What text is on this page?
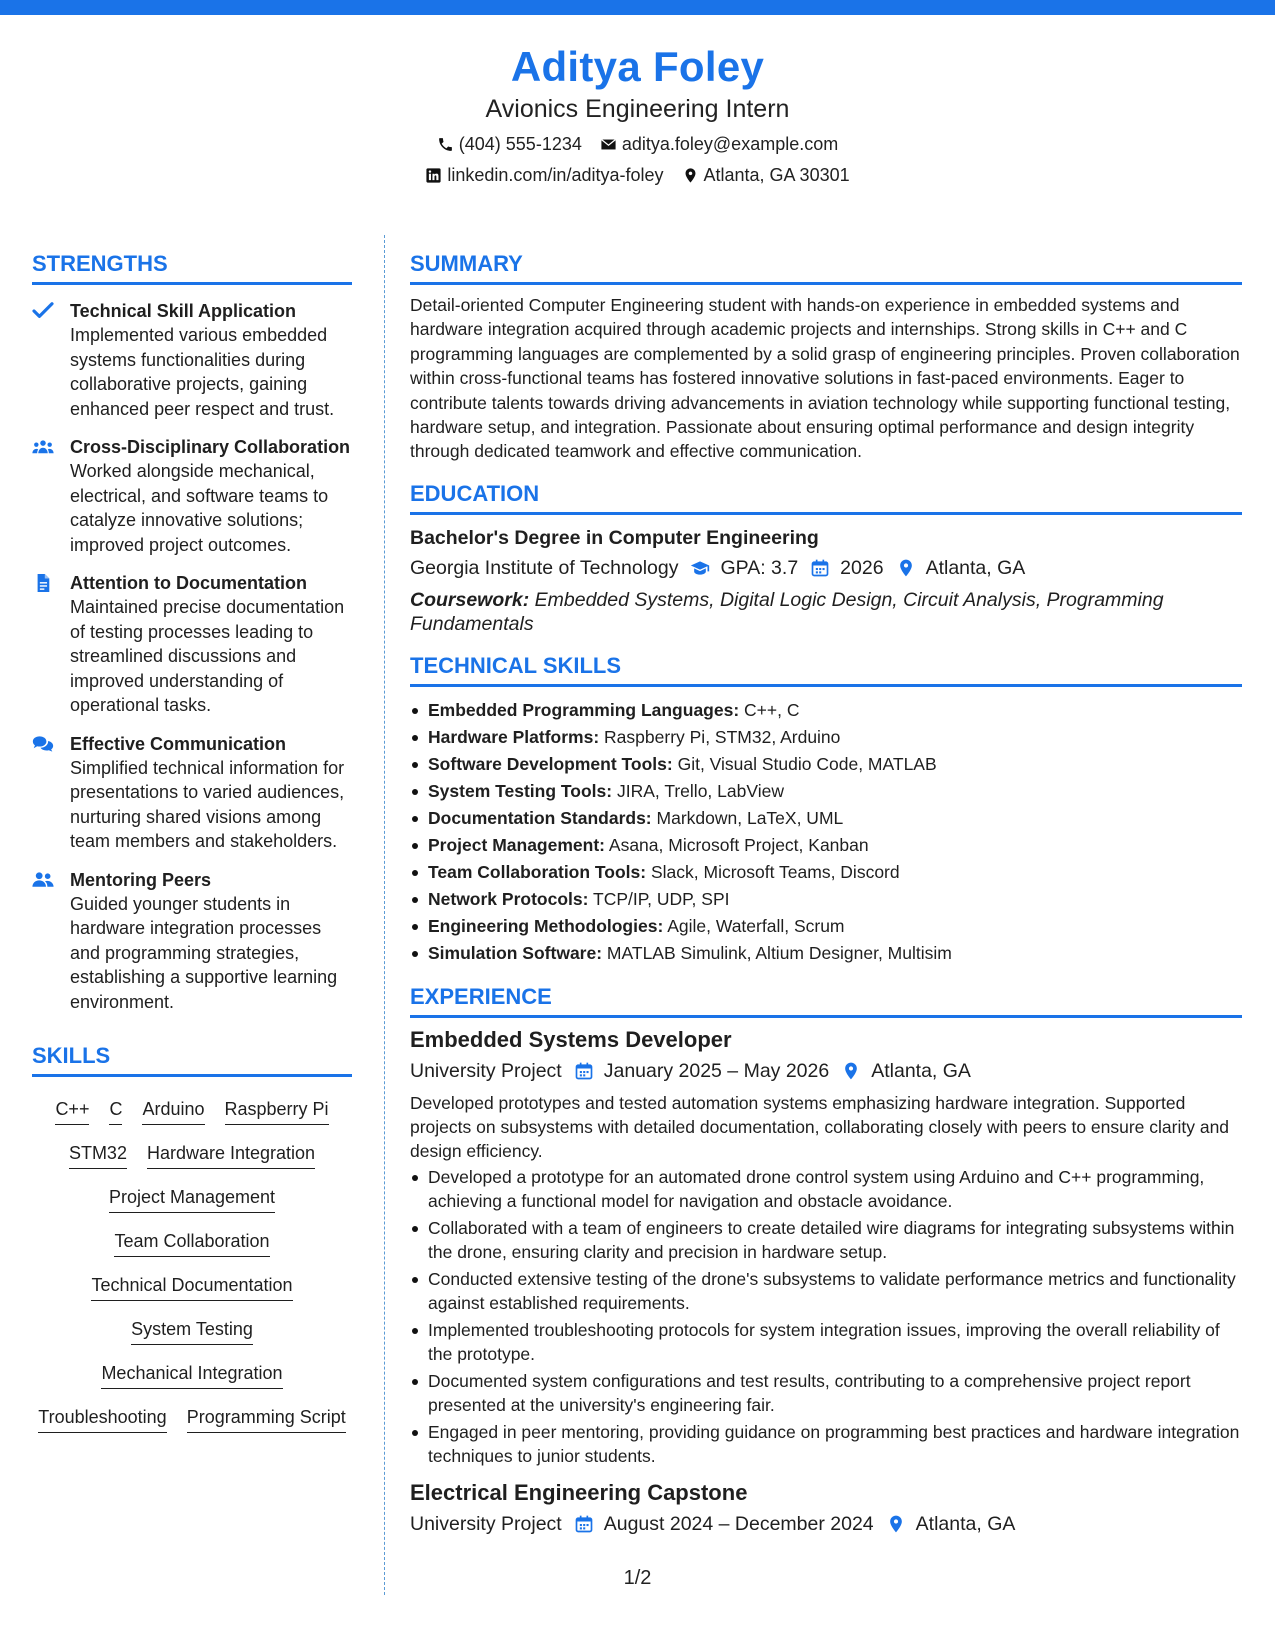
Aditya Foley
Avionics Engineering Intern
(404) 555-1234 aditya.foley@example.com
linkedin.com/in/aditya-foley Atlanta, GA 30301
STRENGTHS
Technical Skill Application
Implemented various embedded systems functionalities during collaborative projects, gaining enhanced peer respect and trust.
Cross-Disciplinary Collaboration
Worked alongside mechanical, electrical, and software teams to catalyze innovative solutions; improved project outcomes.
Attention to Documentation
Maintained precise documentation of testing processes leading to streamlined discussions and improved understanding of operational tasks.
Effective Communication
Simplified technical information for presentations to varied audiences, nurturing shared visions among team members and stakeholders.
Mentoring Peers
Guided younger students in hardware integration processes and programming strategies, establishing a supportive learning environment.
SKILLS
C++ C Arduino Raspberry Pi
STM32 Hardware Integration
Project Management
Team Collaboration
Technical Documentation
System Testing
Mechanical Integration
Troubleshooting Programming Script
SUMMARY
Detail-oriented Computer Engineering student with hands-on experience in embedded systems and hardware integration acquired through academic projects and internships. Strong skills in C++ and C programming languages are complemented by a solid grasp of engineering principles. Proven collaboration within cross-functional teams has fostered innovative solutions in fast-paced environments. Eager to contribute talents towards driving advancements in aviation technology while supporting functional testing, hardware setup, and integration. Passionate about ensuring optimal performance and design integrity through dedicated teamwork and effective communication.
EDUCATION
Bachelor's Degree in Computer Engineering
Georgia Institute of Technology GPA: 3.7 2026 Atlanta, GA
Coursework: Embedded Systems, Digital Logic Design, Circuit Analysis, Programming Fundamentals
TECHNICAL SKILLS
Embedded Programming Languages: C++, C
Hardware Platforms: Raspberry Pi, STM32, Arduino
Software Development Tools: Git, Visual Studio Code, MATLAB
System Testing Tools: JIRA, Trello, LabView
Documentation Standards: Markdown, LaTeX, UML
Project Management: Asana, Microsoft Project, Kanban
Team Collaboration Tools: Slack, Microsoft Teams, Discord
Network Protocols: TCP/IP, UDP, SPI
Engineering Methodologies: Agile, Waterfall, Scrum
Simulation Software: MATLAB Simulink, Altium Designer, Multisim
EXPERIENCE
Embedded Systems Developer
University Project January 2025 – May 2026 Atlanta, GA
Developed prototypes and tested automation systems emphasizing hardware integration. Supported projects on subsystems with detailed documentation, collaborating closely with peers to ensure clarity and design efficiency.
Developed a prototype for an automated drone control system using Arduino and C++ programming, achieving a functional model for navigation and obstacle avoidance.
Collaborated with a team of engineers to create detailed wire diagrams for integrating subsystems within the drone, ensuring clarity and precision in hardware setup.
Conducted extensive testing of the drone's subsystems to validate performance metrics and functionality against established requirements.
Implemented troubleshooting protocols for system integration issues, improving the overall reliability of the prototype.
Documented system configurations and test results, contributing to a comprehensive project report presented at the university's engineering fair.
Engaged in peer mentoring, providing guidance on programming best practices and hardware integration techniques to junior students.
Electrical Engineering Capstone
University Project August 2024 – December 2024 Atlanta, GA
1/2
